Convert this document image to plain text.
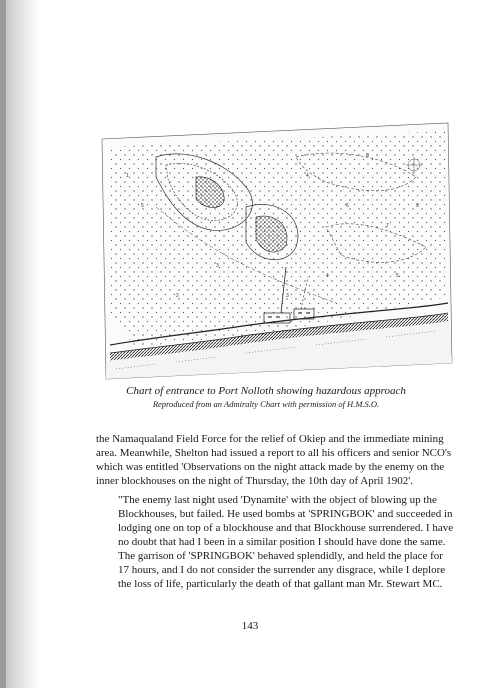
1
5
4
6
7
9
3
4	5
2	3
8
Chart of entrance to Port Nolloth showing hazardous approach
Reproduced from an Admiralty Chart with permission of H.M.S.O.

the Namaqualand Field Force for the relief of Okiep and the immediate mining area. Meanwhile, Shelton had issued a report to all his officers and senior NCO's which was entitled 'Observations on the night attack made by the enemy on the inner blockhouses on the night of Thursday, the 10th day of April 1902'.

"The enemy last night used 'Dynamite' with the object of blowing up the Blockhouses, but failed. He used bombs at 'SPRINGBOK' and succeeded in lodging one on top of a blockhouse and that Blockhouse surrendered. I have no doubt that had I been in a similar position I should have done the same. The garrison of 'SPRINGBOK' behaved splendidly, and held the place for 17 hours, and I do not consider the surrender any disgrace, while I deplore the loss of life, particularly the death of that gallant man Mr. Stewart MC.

143
